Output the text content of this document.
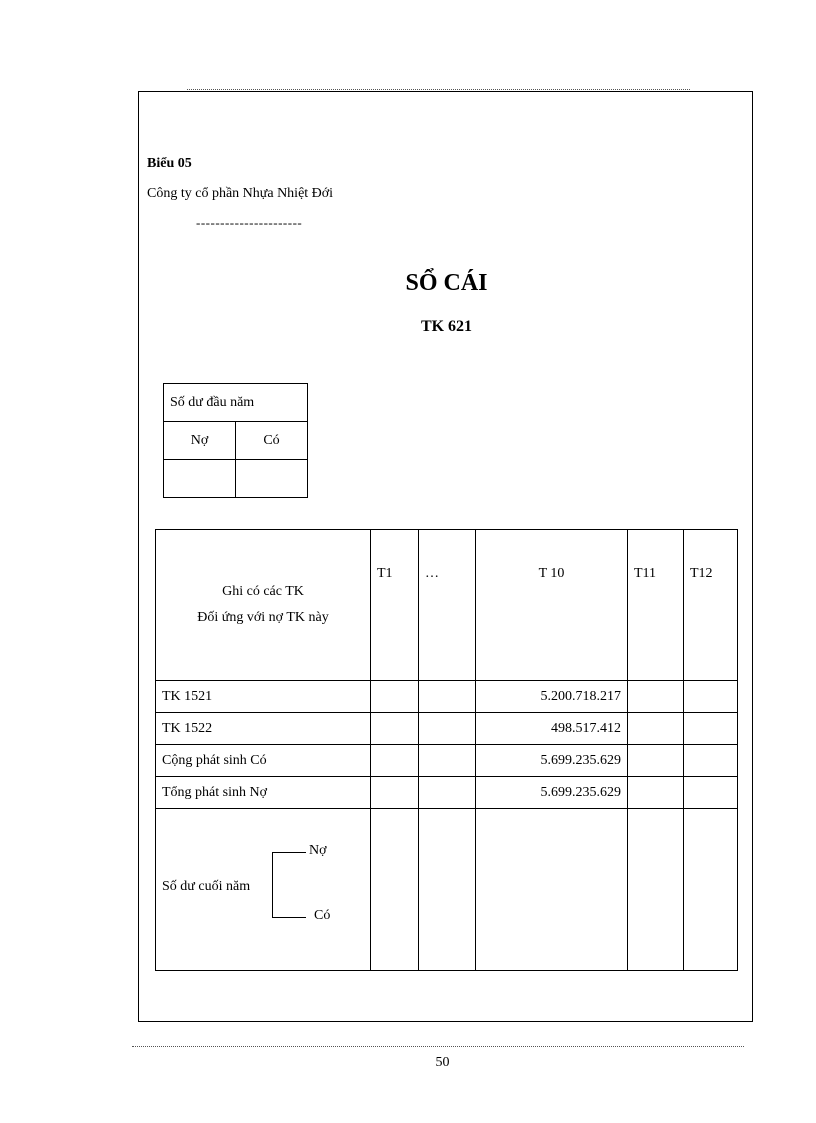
Biểu 05
Công ty cổ phần Nhựa Nhiệt Đới
----------------------
SỔ CÁI
TK 621
Số dư đầu năm	
Nợ	Có

Ghi có các TK
Đối ứng với nợ TK này	T1	…	T 10	T11	T12
TK 1521			5.200.718.217		
TK 1522			498.517.412		
Cộng phát sinh Có			5.699.235.629		
Tổng phát sinh Nợ			5.699.235.629		

Số dư cuối năm
Nợ
Có					

50
